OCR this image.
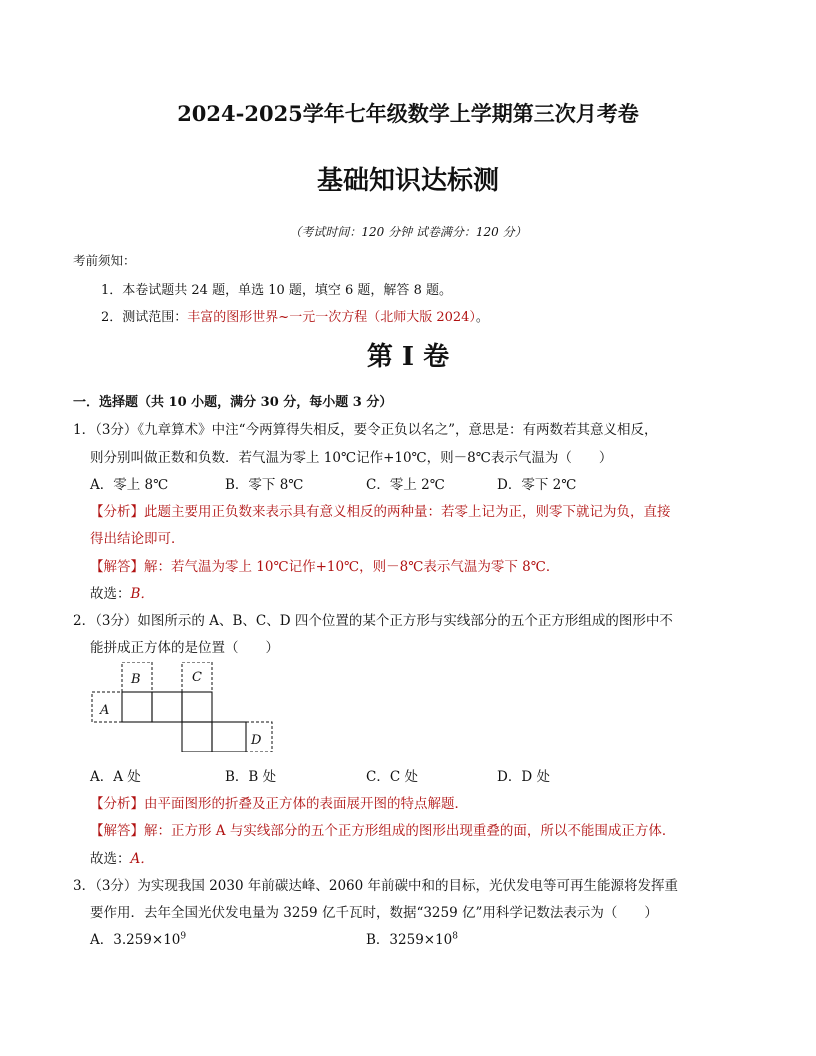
2024-2025学年七年级数学上学期第三次月考卷
基础知识达标测
（考试时间：120 分钟 试卷满分：120 分）
考前须知：
1．本卷试题共 24 题，单选 10 题，填空 6 题，解答 8 题。
2．测试范围：丰富的图形世界~一元一次方程（北师大版 2024）。
第 I 卷
一．选择题（共 10 小题，满分 30 分，每小题 3 分）
1．（3分）《九章算术》中注“今两算得失相反，要令正负以名之”，意思是：有两数若其意义相反，
则分别叫做正数和负数．若气温为零上 10℃记作+10℃，则－8℃表示气温为（　　）
A．零上 8℃	B．零下 8℃	C．零上 2℃	D．零下 2℃
【分析】此题主要用正负数来表示具有意义相反的两种量：若零上记为正，则零下就记为负，直接
得出结论即可．
【解答】解：若气温为零上 10℃记作+10℃，则－8℃表示气温为零下 8℃．
故选：B．
2．（3分）如图所示的 A、B、C、D 四个位置的某个正方形与实线部分的五个正方形组成的图形中不
能拼成正方体的是位置（　　）
A
B	C
D
A．A 处	B．B 处	C．C 处	D．D 处
【分析】由平面图形的折叠及正方体的表面展开图的特点解题．
【解答】解：正方形 A 与实线部分的五个正方形组成的图形出现重叠的面，所以不能围成正方体．
故选：A．
3．（3分）为实现我国 2030 年前碳达峰、2060 年前碳中和的目标，光伏发电等可再生能源将发挥重
要作用．去年全国光伏发电量为 3259 亿千瓦时，数据“3259 亿”用科学记数法表示为（　　）
A．$3.259\times 10^9$	B．$3259\times 10^8$
